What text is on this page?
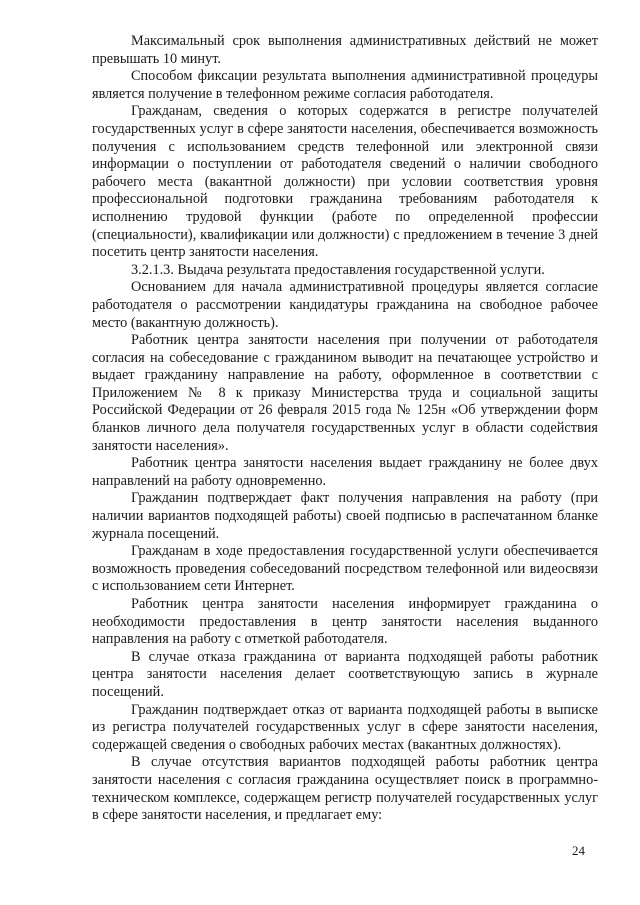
Максимальный срок выполнения административных действий не может превышать 10 минут.

Способом фиксации результата выполнения административной процедуры является получение в телефонном режиме согласия работодателя.

Гражданам, сведения о которых содержатся в регистре получателей государственных услуг в сфере занятости населения, обеспечивается возможность получения с использованием средств телефонной или электронной связи информации о поступлении от работодателя сведений о наличии свободного рабочего места (вакантной должности) при условии соответствия уровня профессиональной подготовки гражданина требованиям работодателя к исполнению трудовой функции (работе по определенной профессии (специальности), квалификации или должности) с предложением в течение 3 дней посетить центр занятости населения.

3.2.1.3. Выдача результата предоставления государственной услуги.

Основанием для начала административной процедуры является согласие работодателя о рассмотрении кандидатуры гражданина на свободное рабочее место (вакантную должность).

Работник центра занятости населения при получении от работодателя согласия на собеседование с гражданином выводит на печатающее устройство и выдает гражданину направление на работу, оформленное в соответствии с Приложением № 8 к приказу Министерства труда и социальной защиты Российской Федерации от 26 февраля 2015 года № 125н «Об утверждении форм бланков личного дела получателя государственных услуг в области содействия занятости населения».

Работник центра занятости населения выдает гражданину не более двух направлений на работу одновременно.

Гражданин подтверждает факт получения направления на работу (при наличии вариантов подходящей работы) своей подписью в распечатанном бланке журнала посещений.

Гражданам в ходе предоставления государственной услуги обеспечивается возможность проведения собеседований посредством телефонной или видеосвязи с использованием сети Интернет.

Работник центра занятости населения информирует гражданина о необходимости предоставления в центр занятости населения выданного направления на работу с отметкой работодателя.

В случае отказа гражданина от варианта подходящей работы работник центра занятости населения делает соответствующую запись в журнале посещений.

Гражданин подтверждает отказ от варианта подходящей работы в выписке из регистра получателей государственных услуг в сфере занятости населения, содержащей сведения о свободных рабочих местах (вакантных должностях).

В случае отсутствия вариантов подходящей работы работник центра занятости населения с согласия гражданина осуществляет поиск в программно-техническом комплексе, содержащем регистр получателей государственных услуг в сфере занятости населения, и предлагает ему:

24
